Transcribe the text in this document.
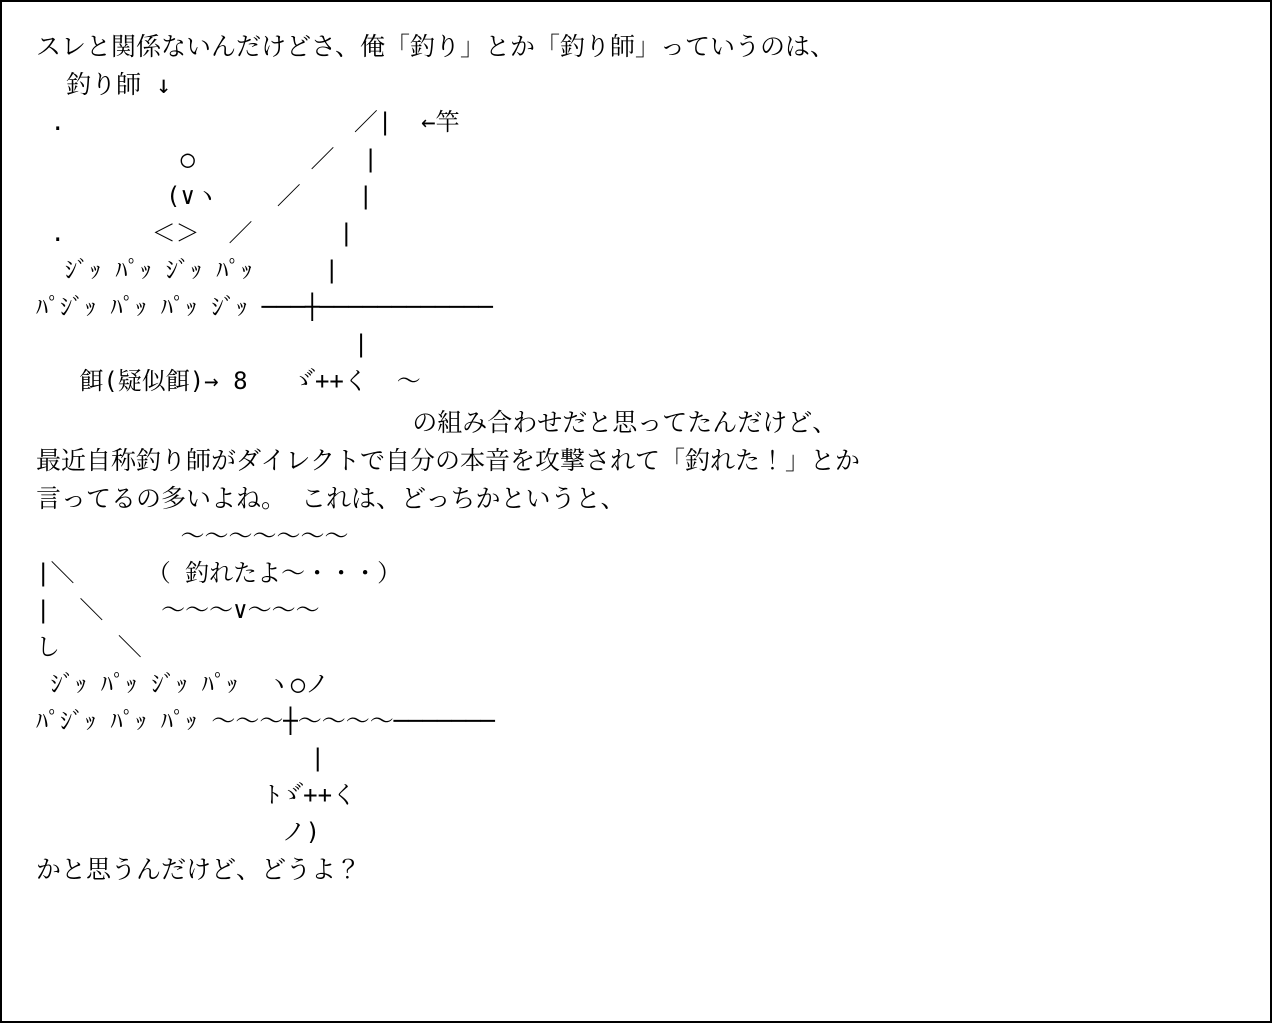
スレと関係ないんだけどさ、俺「釣り」とか「釣り師」っていうのは、
釣り師 ↓
.                    ／|  ←竿
○        ／  |
(∨ヽ    ／    |
.      ＜＞  ／      |
ｼﾞｯ ﾊﾟｯ ｼﾞｯ ﾊﾟｯ     |
ﾊﾟｼﾞｯ ﾊﾟｯ ﾊﾟｯ ｼﾞｯ ───┼────────────
|
餌(疑似餌)→ 8   ゞ゙++く  ～
の組み合わせだと思ってたんだけど、
最近自称釣り師がダイレクトで自分の本音を攻撃されて「釣れた！」とか
言ってるの多いよね。 これは、どっちかというと、
～～～～～～～
|＼     （ 釣れたよ～・・・）
|  ＼    ～～～∨～～～
し    ＼
ｼﾞｯ ﾊﾟｯ ｼﾞｯ ﾊﾟｯ  ヽ○ノ
ﾊﾟｼﾞｯ ﾊﾟｯ ﾊﾟｯ ～～～┼～～～～───────
|
ﾄゞ゙++く
ノ)
かと思うんだけど、どうよ？
